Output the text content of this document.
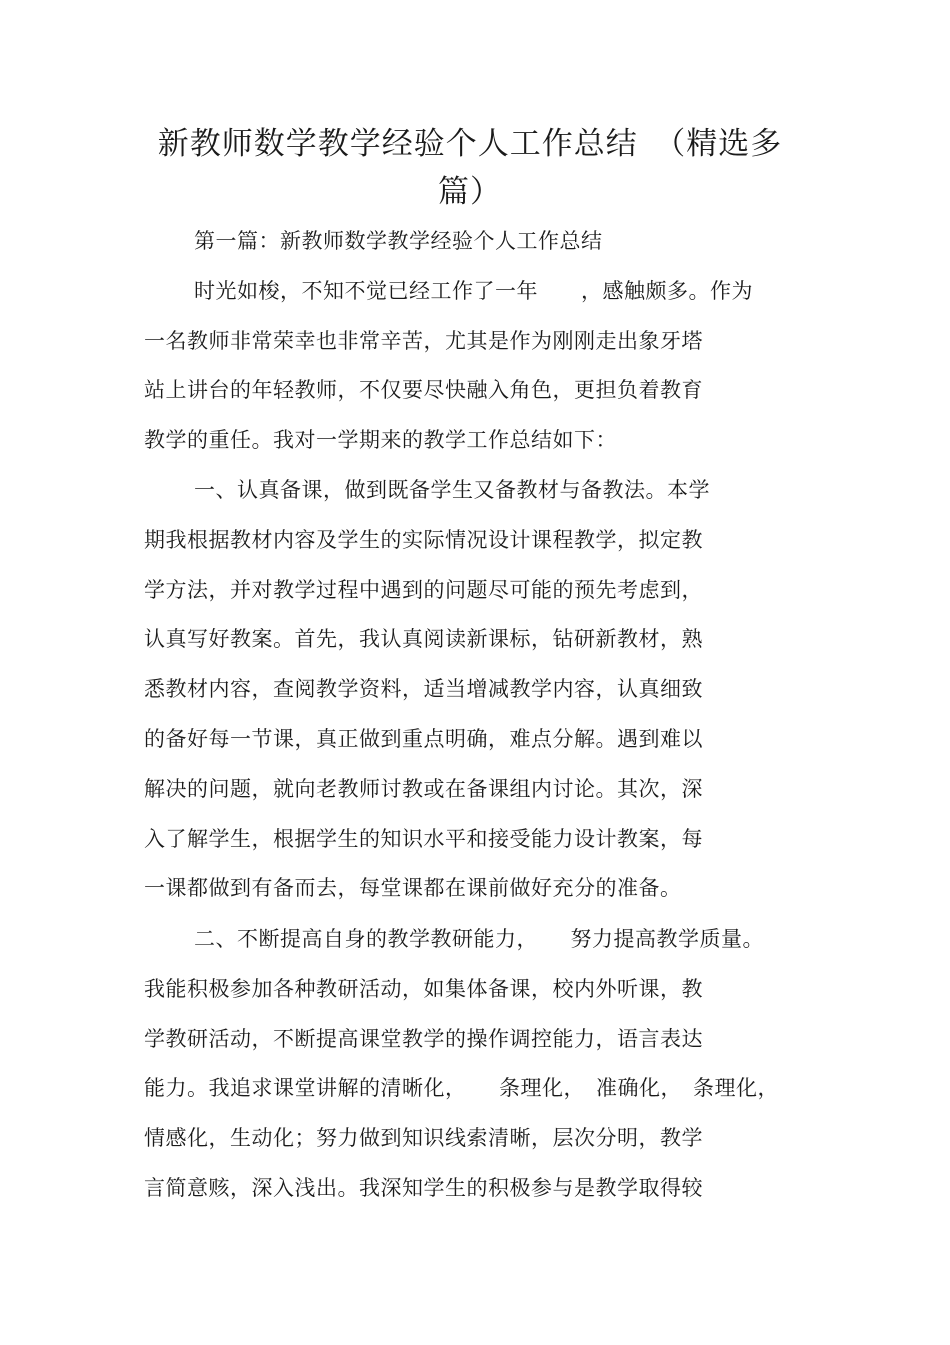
新教师数学教学经验个人工作总结　（精选多
篇）
第一篇：新教师数学教学经验个人工作总结
时光如梭，不知不觉已经工作了一年　　，感触颇多。作为
一名教师非常荣幸也非常辛苦，尤其是作为刚刚走出象牙塔
站上讲台的年轻教师，不仅要尽快融入角色，更担负着教育
教学的重任。我对一学期来的教学工作总结如下：
一、认真备课，做到既备学生又备教材与备教法。本学
期我根据教材内容及学生的实际情况设计课程教学，拟定教
学方法，并对教学过程中遇到的问题尽可能的预先考虑到，
认真写好教案。首先，我认真阅读新课标，钻研新教材，熟
悉教材内容，查阅教学资料，适当增减教学内容，认真细致
的备好每一节课，真正做到重点明确，难点分解。遇到难以
解决的问题，就向老教师讨教或在备课组内讨论。其次，深
入了解学生，根据学生的知识水平和接受能力设计教案，每
一课都做到有备而去，每堂课都在课前做好充分的准备。
二、不断提高自身的教学教研能力，　　努力提高教学质量。
我能积极参加各种教研活动，如集体备课，校内外听课，教
学教研活动，不断提高课堂教学的操作调控能力，语言表达
能力。我追求课堂讲解的清晰化，　　条理化，　准确化，　条理化，
情感化，生动化；努力做到知识线索清晰，层次分明，教学
言简意赅，深入浅出。我深知学生的积极参与是教学取得较
